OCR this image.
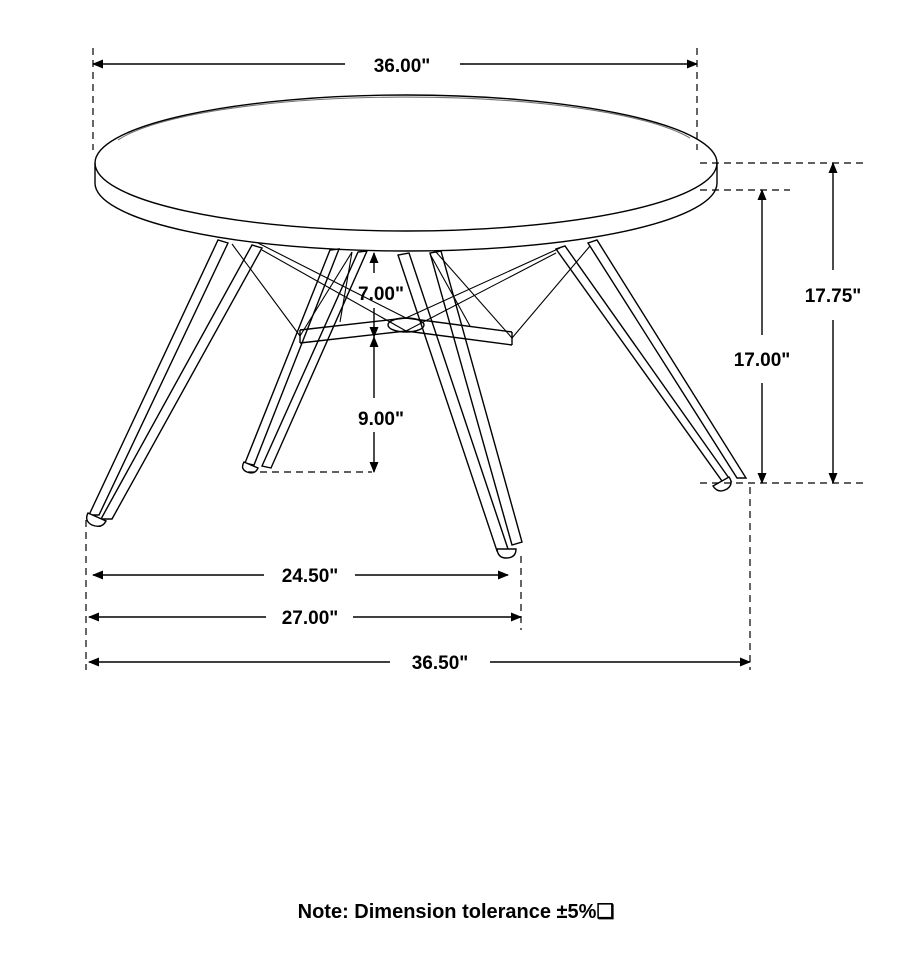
36.00"
17.75"
17.00"
7.00"
9.00"
24.50"
27.00"
36.50"
Note: Dimension tolerance ±5%❑
